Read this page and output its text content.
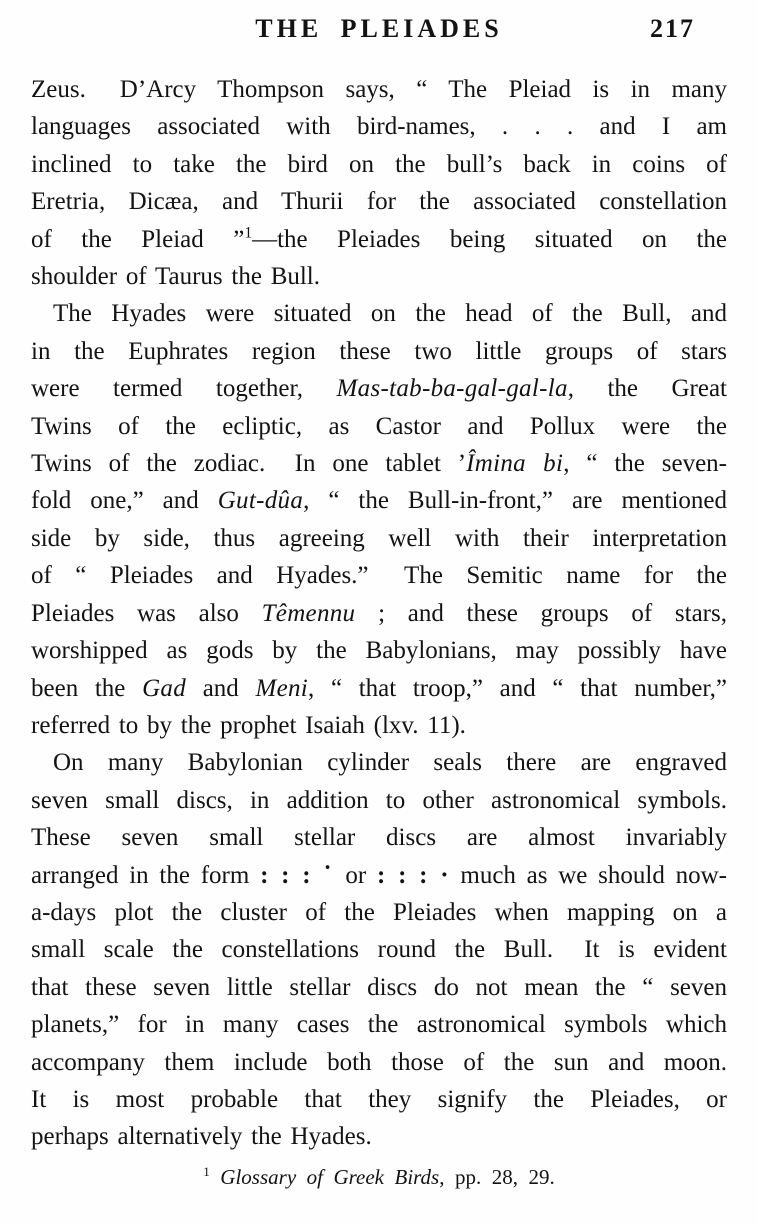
THE PLEIADES	217
Zeus.  D’Arcy Thompson says, “ The Pleiad is in many
languages associated with bird-names, . . . and I am
inclined to take the bird on the bull’s back in coins of
Eretria, Dicæa, and Thurii for the associated constellation
of the Pleiad ”$^1$—the Pleiades being situated on the
shoulder of Taurus the Bull.
The Hyades were situated on the head of the Bull, and
in the Euphrates region these two little groups of stars
were termed together, Mas-tab-ba-gal-gal-la, the Great
Twins of the ecliptic, as Castor and Pollux were the
Twins of the zodiac.  In one tablet ’Îmina bi, “ the seven-
fold one,” and Gut-dûa, “ the Bull-in-front,” are mentioned
side by side, thus agreeing well with their interpretation
of “ Pleiades and Hyades.”  The Semitic name for the
Pleiades was also Têmennu ; and these groups of stars,
worshipped as gods by the Babylonians, may possibly have
been the Gad and Meni, “ that troop,” and “ that number,”
referred to by the prophet Isaiah (lxv. 11).
On many Babylonian cylinder seals there are engraved
seven small discs, in addition to other astronomical symbols.
These seven small stellar discs are almost invariably
arranged in the form : : : ˙ or : : : · much as we should now-
a-days plot the cluster of the Pleiades when mapping on a
small scale the constellations round the Bull.  It is evident
that these seven little stellar discs do not mean the “ seven
planets,” for in many cases the astronomical symbols which
accompany them include both those of the sun and moon.
It is most probable that they signify the Pleiades, or
perhaps alternatively the Hyades.
$^1$ Glossary of Greek Birds, pp. 28, 29.
